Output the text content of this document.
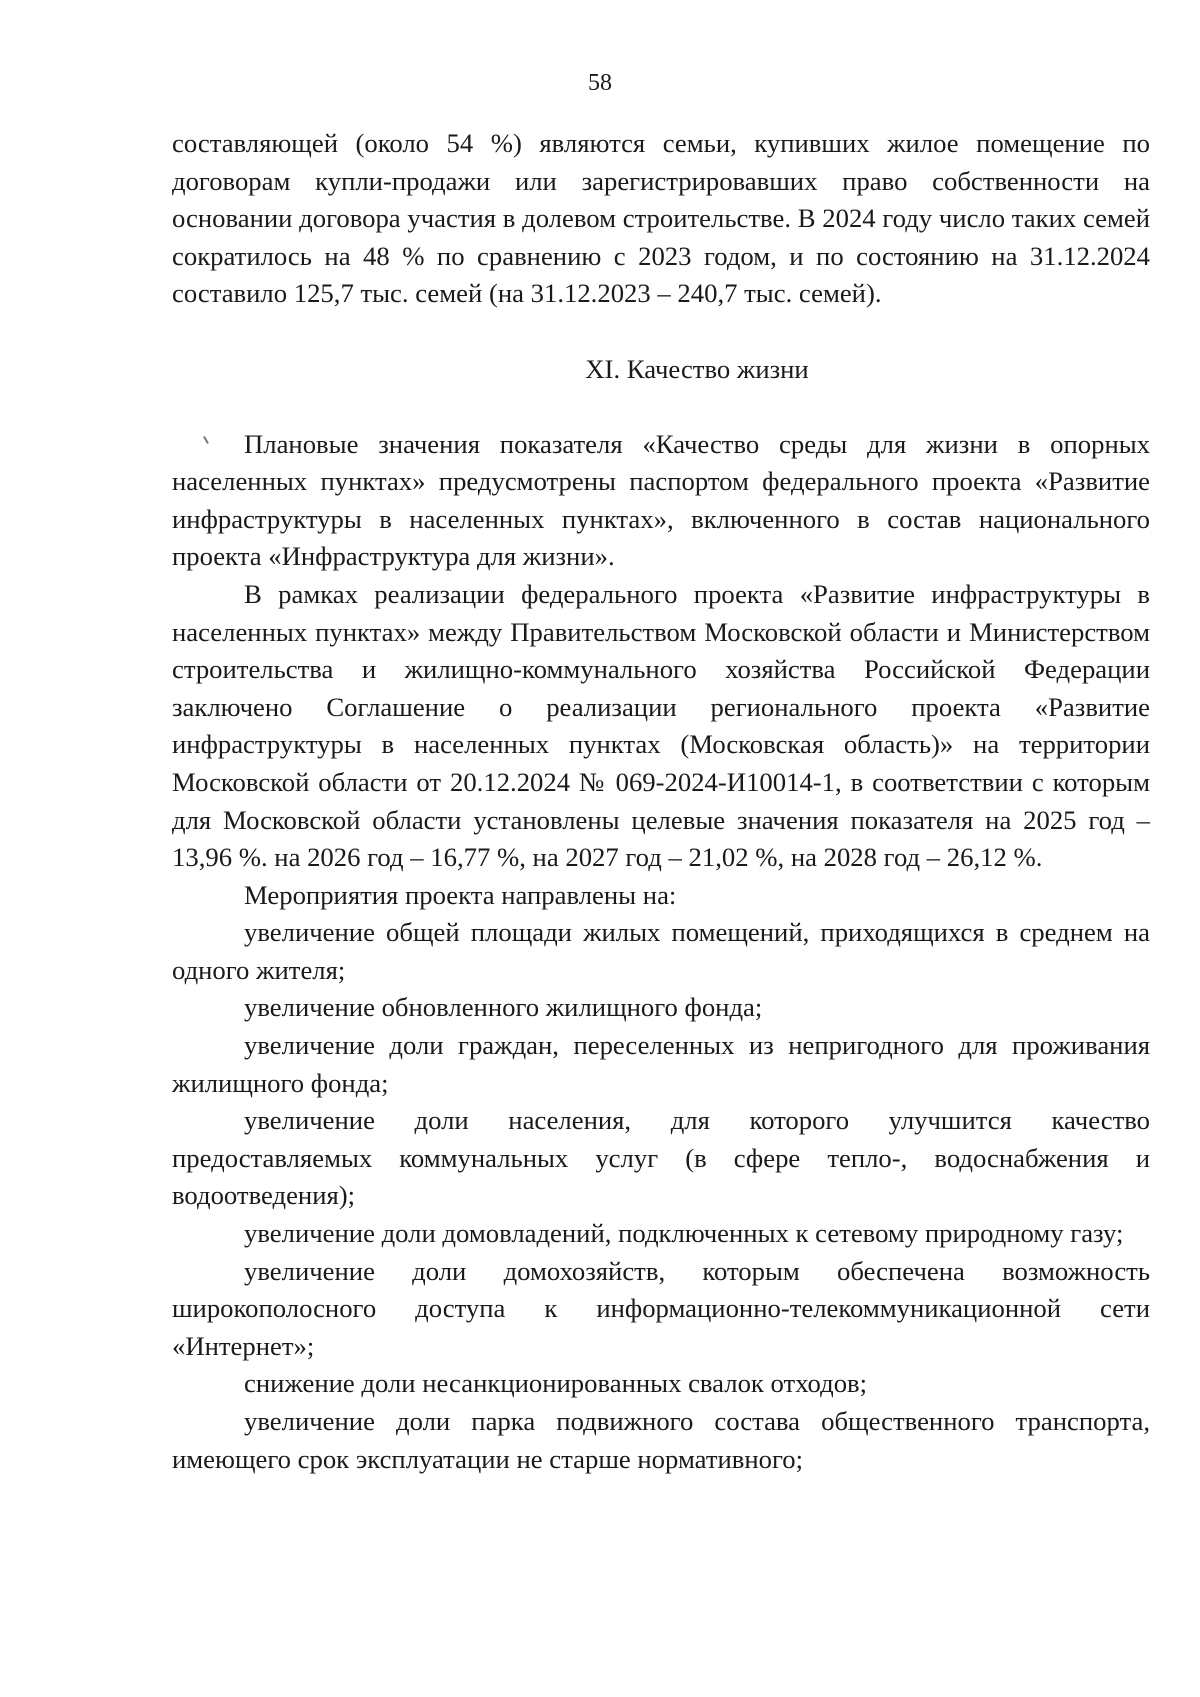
58

составляющей (около 54 %) являются семьи, купивших жилое помещение по договорам купли-продажи или зарегистрировавших право собственности на основании договора участия в долевом строительстве. В 2024 году число таких семей сократилось на 48 % по сравнению с 2023 годом, и по состоянию на 31.12.2024 составило 125,7 тыс. семей (на 31.12.2023 – 240,7 тыс. семей).

XI. Качество жизни

Плановые значения показателя «Качество среды для жизни в опорных населенных пунктах» предусмотрены паспортом федерального проекта «Развитие инфраструктуры в населенных пунктах», включенного в состав национального проекта «Инфраструктура для жизни».

В рамках реализации федерального проекта «Развитие инфраструктуры в населенных пунктах» между Правительством Московской области и Министерством строительства и жилищно-коммунального хозяйства Российской Федерации заключено Соглашение о реализации регионального проекта «Развитие инфраструктуры в населенных пунктах (Московская область)» на территории Московской области от 20.12.2024 № 069-2024-И10014-1, в соответствии с которым для Московской области установлены целевые значения показателя на 2025 год – 13,96 %. на 2026 год – 16,77 %, на 2027 год – 21,02 %, на 2028 год – 26,12 %.

Мероприятия проекта направлены на:

увеличение общей площади жилых помещений, приходящихся в среднем на одного жителя;

увеличение обновленного жилищного фонда;

увеличение доли граждан, переселенных из непригодного для проживания жилищного фонда;

увеличение доли населения, для которого улучшится качество предоставляемых коммунальных услуг (в сфере тепло-, водоснабжения и водоотведения);

увеличение доли домовладений, подключенных к сетевому природному газу;

увеличение доли домохозяйств, которым обеспечена возможность широкополосного доступа к информационно-телекоммуникационной сети «Интернет»;

снижение доли несанкционированных свалок отходов;

увеличение доли парка подвижного состава общественного транспорта, имеющего срок эксплуатации не старше нормативного;
